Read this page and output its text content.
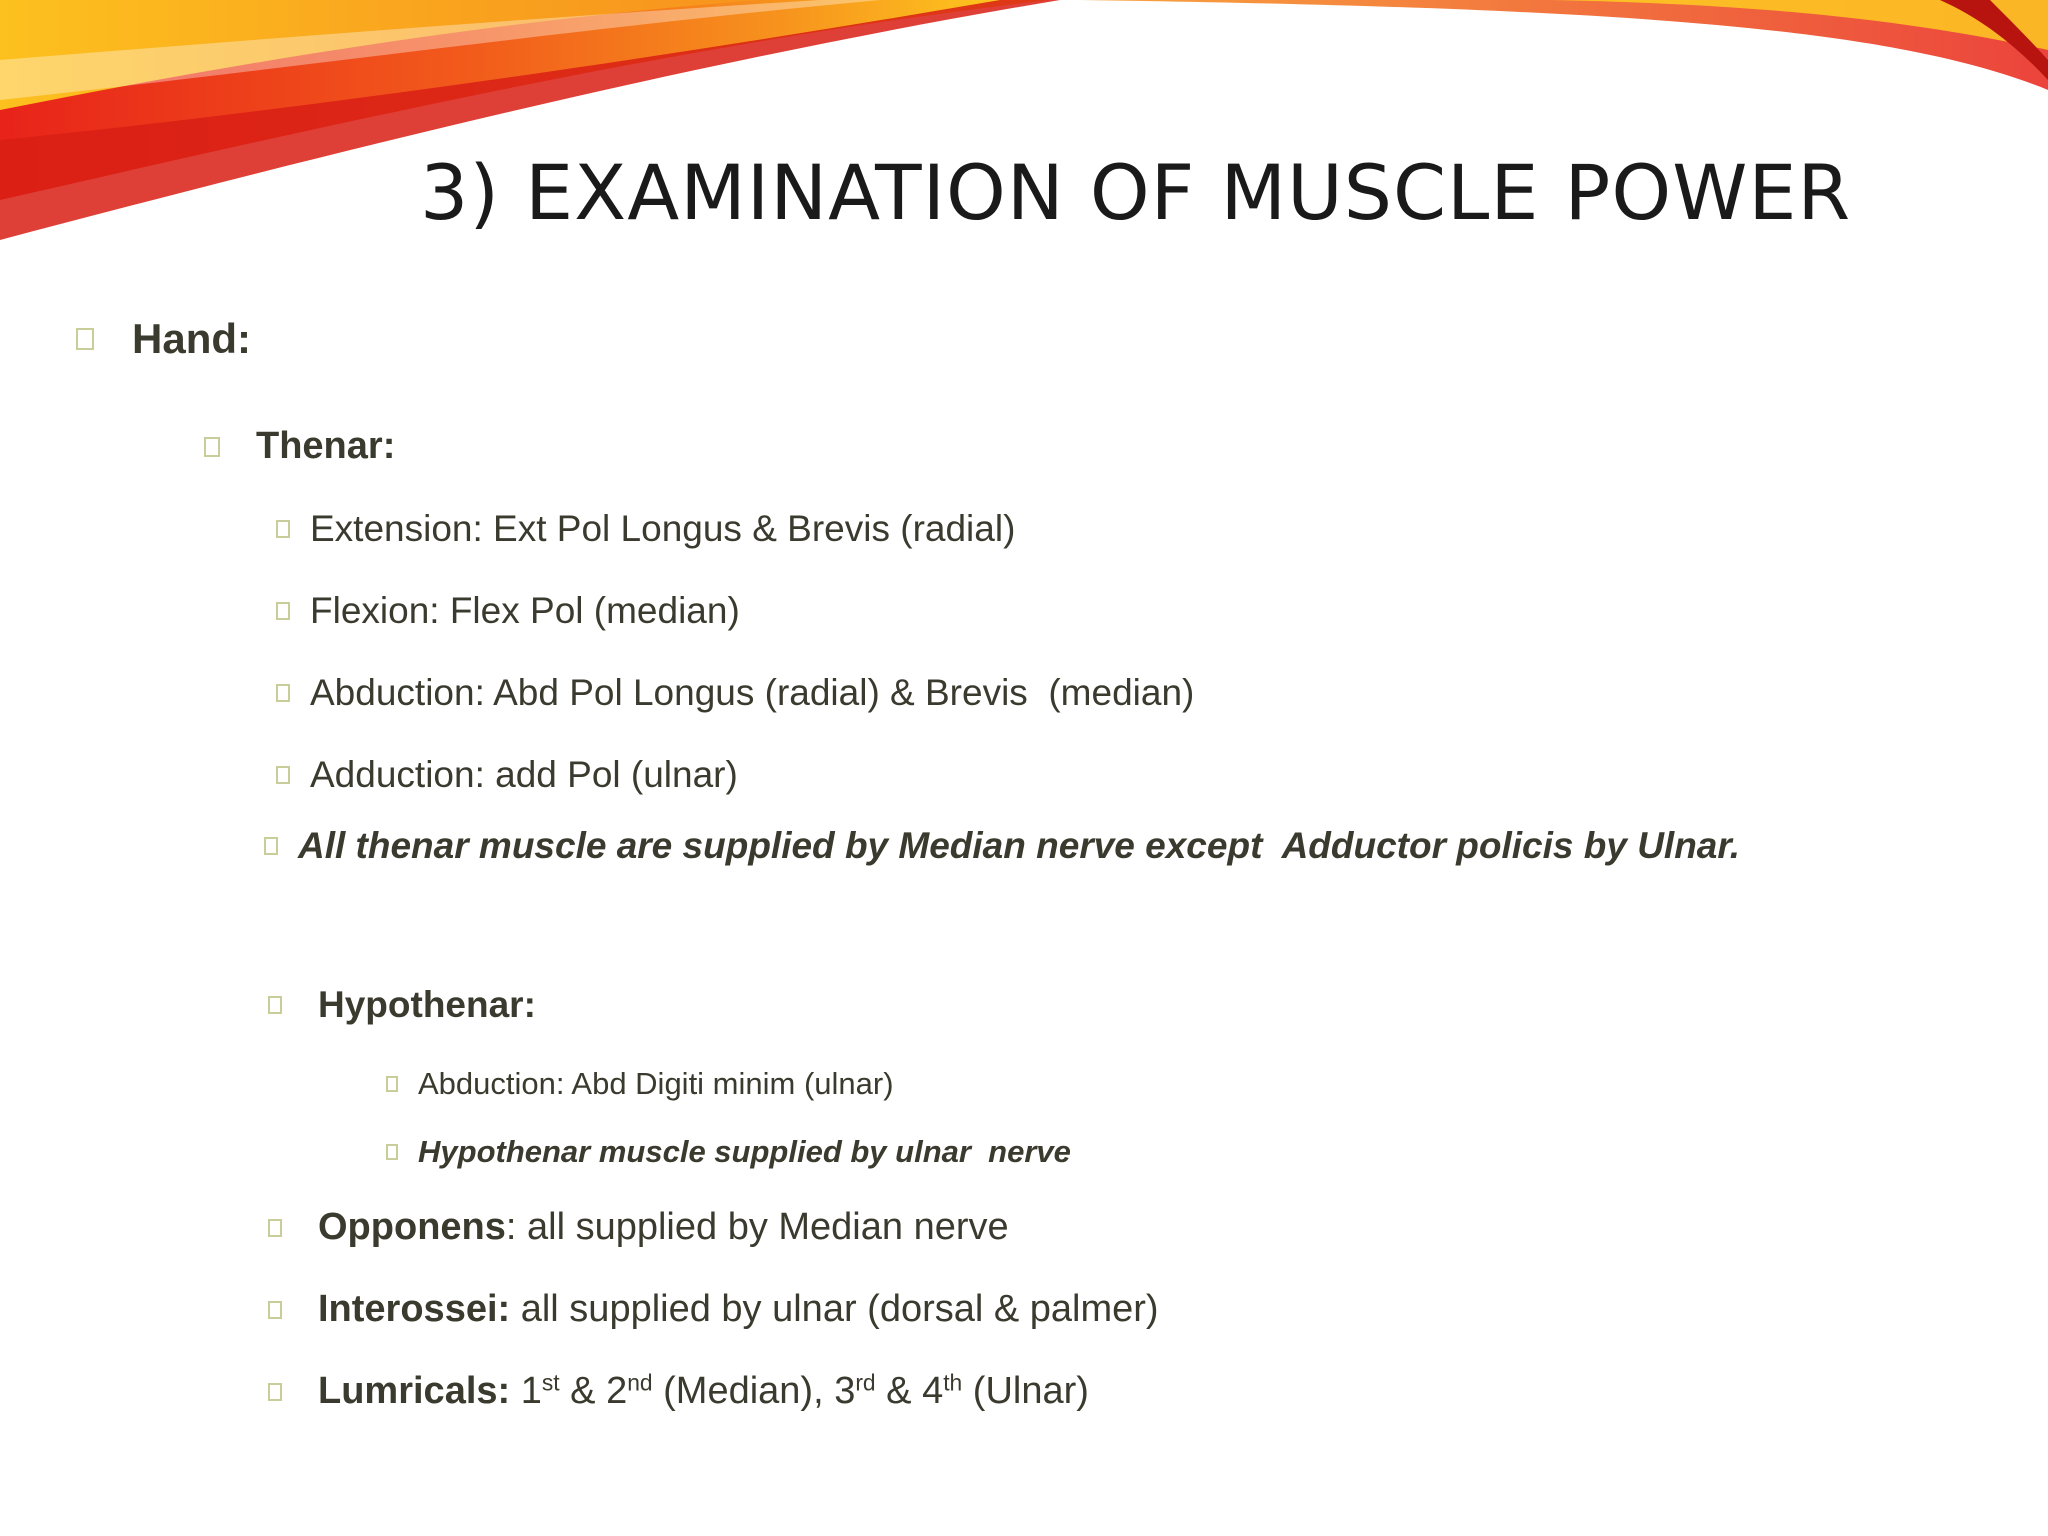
3) EXAMINATION OF MUSCLE POWER
Hand:
Thenar:
Extension: Ext Pol Longus & Brevis (radial)
Flexion: Flex Pol (median)
Abduction: Abd Pol Longus (radial) & Brevis  (median)
Adduction: add Pol (ulnar)
All thenar muscle are supplied by Median nerve except  Adductor policis by Ulnar.
Hypothenar:
Abduction: Abd Digiti minim (ulnar)
Hypothenar muscle supplied by ulnar  nerve
Opponens : all supplied by Median nerve
Interossei: all supplied by ulnar (dorsal & palmer)
Lumricals: 1st & 2nd (Median), 3rd & 4th (Ulnar)
